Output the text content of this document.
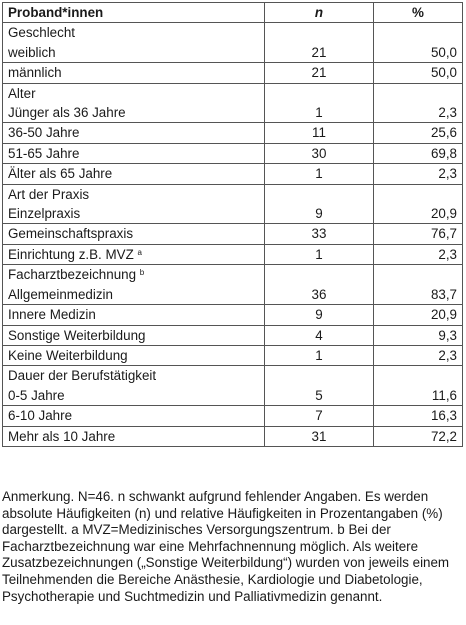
Proband*innen	n	%
Geschlecht		
weiblich	21	50,0
männlich	21	50,0
Alter		
Jünger als 36 Jahre	1	2,3
36-50 Jahre	11	25,6
51-65 Jahre	30	69,8
Älter als 65 Jahre	1	2,3
Art der Praxis		
Einzelpraxis	9	20,9
Gemeinschaftspraxis	33	76,7
Einrichtung z.B. MVZ $^a$	1	2,3
Facharztbezeichnung $^b$		
Allgemeinmedizin	36	83,7
Innere Medizin	9	20,9
Sonstige Weiterbildung	4	9,3
Keine Weiterbildung	1	2,3
Dauer der Berufstätigkeit		
0-5 Jahre	5	11,6
6-10 Jahre	7	16,3
Mehr als 10 Jahre	31	72,2

Anmerkung. N=46. n schwankt aufgrund fehlender Angaben. Es werden absolute Häufigkeiten (n) und relative Häufigkeiten in Prozentangaben (%) dargestellt. a MVZ=Medizinisches Versorgungszentrum. b Bei der Facharztbezeichnung war eine Mehrfachnennung möglich. Als weitere Zusatzbezeichnungen („Sonstige Weiterbildung“) wurden von jeweils einem Teilnehmenden die Bereiche Anästhesie, Kardiologie und Diabetologie, Psychotherapie und Suchtmedizin und Palliativmedizin genannt.
